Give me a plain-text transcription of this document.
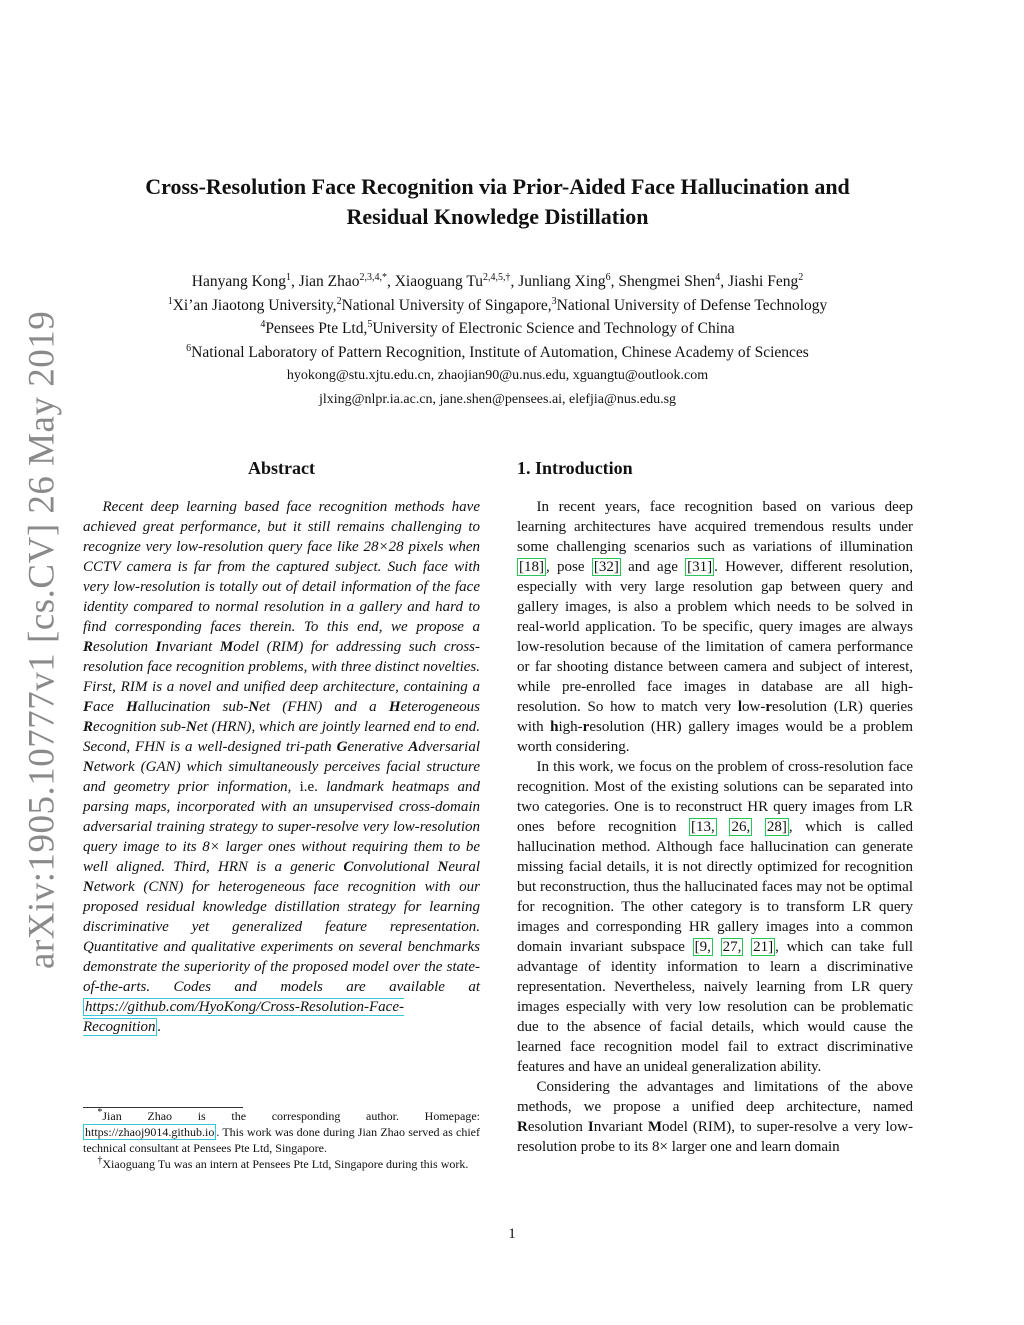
arXiv:1905.10777v1 [cs.CV] 26 May 2019
Cross-Resolution Face Recognition via Prior-Aided Face Hallucination and
Residual Knowledge Distillation
Hanyang Kong$^1$, Jian Zhao$^{2,3,4,*}$, Xiaoguang $Tu^{2,4,5,\dagger}$, Junliang Xing$^6$, Shengmei Shen$^4$, Jiashi Feng$^2$
$^1$Xi’an Jiaotong University,$^2$National University of Singapore,$^3$National University of Defense Technology
$^4$Pensees Pte Ltd,$^5$University of Electronic Science and Technology of China
$^6$National Laboratory of Pattern Recognition, Institute of Automation, Chinese Academy of Sciences
hyokong@stu.xjtu.edu.cn, zhaojian90@u.nus.edu, xguangtu@outlook.com
jlxing@nlpr.ia.ac.cn, jane.shen@pensees.ai, elefjia@nus.edu.sg
Abstract

Recent deep learning based face recognition methods have achieved great performance, but it still remains challenging to recognize very low-resolution query face like 28×28 pixels when CCTV camera is far from the captured subject. Such face with very low-resolution is totally out of detail information of the face identity compared to normal resolution in a gallery and hard to find corresponding faces therein. To this end, we propose a Resolution Invariant Model (RIM) for addressing such cross-resolution face recognition problems, with three distinct novelties. First, RIM is a novel and unified deep architecture, containing a Face Hallucination sub-Net (FHN) and a Heterogeneous Recognition sub-Net (HRN), which are jointly learned end to end. Second, FHN is a well-designed tri-path Generative Adversarial Network (GAN) which simultaneously perceives facial structure and geometry prior information, i.e. landmark heatmaps and parsing maps, incorporated with an unsupervised cross-domain adversarial training strategy to super-resolve very low-resolution query image to its 8× larger ones without requiring them to be well aligned. Third, HRN is a generic Convolutional Neural Network (CNN) for heterogeneous face recognition with our proposed residual knowledge distillation strategy for learning discriminative yet generalized feature representation. Quantitative and qualitative experiments on several benchmarks demonstrate the superiority of the proposed model over the state-of-the-arts. Codes and models are available at https://github.com/HyoKong/Cross-Resolution-Face-Recognition .

*Jian Zhao is the corresponding author. Homepage: https://zhaoj9014.github.io . This work was done during Jian Zhao served as chief technical consultant at Pensees Pte Ltd, Singapore.

†Xiaoguang Tu was an intern at Pensees Pte Ltd, Singapore during this work.

1. Introduction

In recent years, face recognition based on various deep learning architectures have acquired tremendous results under some challenging scenarios such as variations of illumination [18] , pose [32] and age [31] . However, different resolution, especially with very large resolution gap between query and gallery images, is also a problem which needs to be solved in real-world application. To be specific, query images are always low-resolution because of the limitation of camera performance or far shooting distance between camera and subject of interest, while pre-enrolled face images in database are all high-resolution. So how to match very low-resolution (LR) queries with high-resolution (HR) gallery images would be a problem worth considering.

In this work, we focus on the problem of cross-resolution face recognition. Most of the existing solutions can be separated into two categories. One is to reconstruct HR query images from LR ones before recognition [13, 26, 28] , which is called hallucination method. Although face hallucination can generate missing facial details, it is not directly optimized for recognition but reconstruction, thus the hallucinated faces may not be optimal for recognition. The other category is to transform LR query images and corresponding HR gallery images into a common domain invariant subspace [9, 27, 21] , which can take full advantage of identity information to learn a discriminative representation. Nevertheless, naively learning from LR query images especially with very low resolution can be problematic due to the absence of facial details, which would cause the learned face recognition model fail to extract discriminative features and have an unideal generalization ability.

Considering the advantages and limitations of the above methods, we propose a unified deep architecture, named Resolution Invariant Model (RIM), to super-resolve a very low-resolution probe to its 8× larger one and learn domain

1
